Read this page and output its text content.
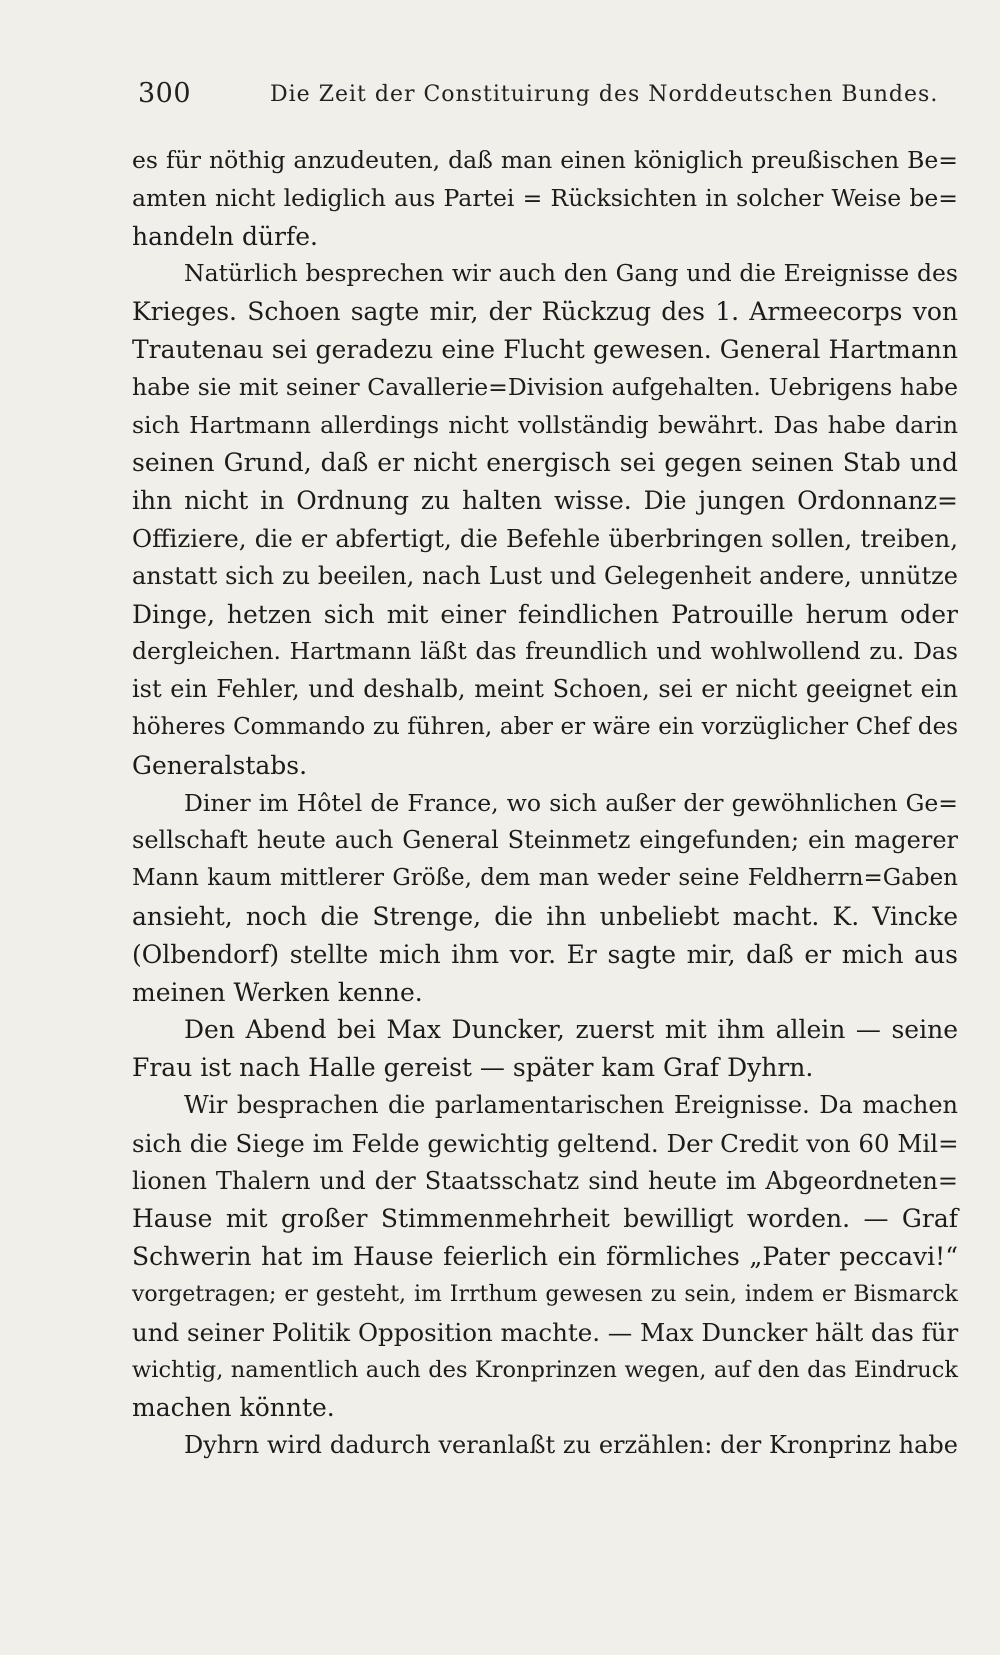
300	Die Zeit der Constituirung des Norddeutschen Bundes.
es für nöthig anzudeuten, daß man einen königlich preußischen Be=
amten nicht lediglich aus Partei = Rücksichten in solcher Weise be=
handeln dürfe.
Natürlich besprechen wir auch den Gang und die Ereignisse des
Krieges. Schoen sagte mir, der Rückzug des 1. Armeecorps von
Trautenau sei geradezu eine Flucht gewesen. General Hartmann
habe sie mit seiner Cavallerie=Division aufgehalten. Uebrigens habe
sich Hartmann allerdings nicht vollständig bewährt. Das habe darin
seinen Grund, daß er nicht energisch sei gegen seinen Stab und
ihn nicht in Ordnung zu halten wisse. Die jungen Ordonnanz=
Offiziere, die er abfertigt, die Befehle überbringen sollen, treiben,
anstatt sich zu beeilen, nach Lust und Gelegenheit andere, unnütze
Dinge, hetzen sich mit einer feindlichen Patrouille herum oder
dergleichen. Hartmann läßt das freundlich und wohlwollend zu. Das
ist ein Fehler, und deshalb, meint Schoen, sei er nicht geeignet ein
höheres Commando zu führen, aber er wäre ein vorzüglicher Chef des
Generalstabs.
Diner im Hôtel de France, wo sich außer der gewöhnlichen Ge=
sellschaft heute auch General Steinmetz eingefunden; ein magerer
Mann kaum mittlerer Größe, dem man weder seine Feldherrn=Gaben
ansieht, noch die Strenge, die ihn unbeliebt macht. K. Vincke
(Olbendorf) stellte mich ihm vor. Er sagte mir, daß er mich aus
meinen Werken kenne.
Den Abend bei Max Duncker, zuerst mit ihm allein — seine
Frau ist nach Halle gereist — später kam Graf Dyhrn.
Wir besprachen die parlamentarischen Ereignisse. Da machen
sich die Siege im Felde gewichtig geltend. Der Credit von 60 Mil=
lionen Thalern und der Staatsschatz sind heute im Abgeordneten=
Hause mit großer Stimmenmehrheit bewilligt worden. — Graf
Schwerin hat im Hause feierlich ein förmliches „Pater peccavi!“
vorgetragen; er gesteht, im Irrthum gewesen zu sein, indem er Bismarck
und seiner Politik Opposition machte. — Max Duncker hält das für
wichtig, namentlich auch des Kronprinzen wegen, auf den das Eindruck
machen könnte.
Dyhrn wird dadurch veranlaßt zu erzählen: der Kronprinz habe
